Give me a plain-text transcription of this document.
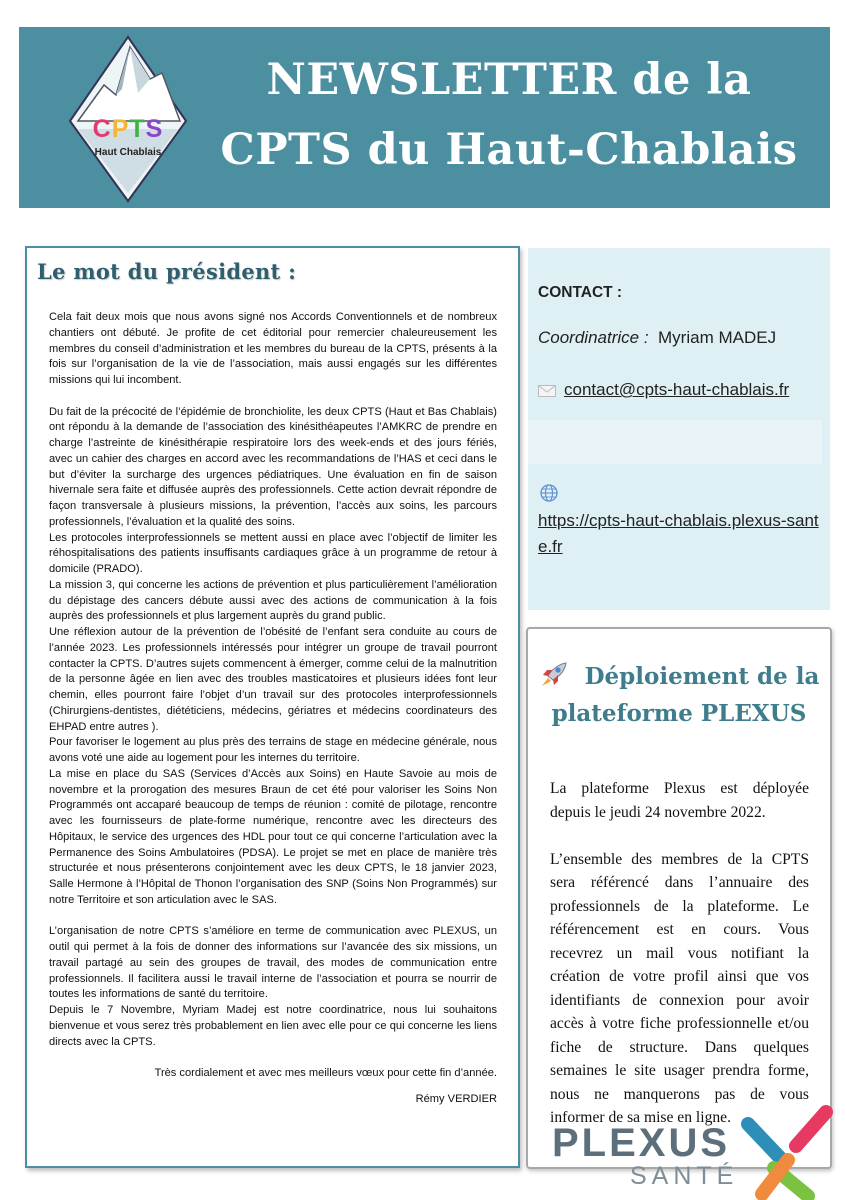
CPTS
Haut Chablais
NEWSLETTER de la
CPTS du Haut-Chablais
Le mot du président :

Cela fait deux mois que nous avons signé nos Accords Conventionnels et de nombreux chantiers ont débuté. Je profite de cet éditorial pour remercier chaleureusement les membres du conseil d’administration et les membres du bureau de la CPTS, présents à la fois sur l’organisation de la vie de l’association, mais aussi engagés sur les différentes missions qui lui incombent.

Du fait de la précocité de l’épidémie de bronchiolite, les deux CPTS (Haut et Bas Chablais) ont répondu à la demande de l’association des kinésithéapeutes l’AMKRC de prendre en charge l’astreinte de kinésithérapie respiratoire lors des week-ends et des jours fériés, avec un cahier des charges en accord avec les recommandations de l’HAS et ceci dans le but d’éviter la surcharge des urgences pédiatriques. Une évaluation en fin de saison hivernale sera faite et diffusée auprès des professionnels. Cette action devrait répondre de façon transversale à plusieurs missions, la prévention, l’accès aux soins, les parcours professionnels, l’évaluation et la qualité des soins.

Les protocoles interprofessionnels se mettent aussi en place avec l’objectif de limiter les réhospitalisations des patients insuffisants cardiaques grâce à un programme de retour à domicile (PRADO).

La mission 3, qui concerne les actions de prévention et plus particulièrement l’amélioration du dépistage des cancers débute aussi avec des actions de communication à la fois auprès des professionnels et plus largement auprès du grand public.

Une réflexion autour de la prévention de l’obésité de l’enfant sera conduite au cours de l’année 2023. Les professionnels intéressés pour intégrer un groupe de travail pourront contacter la CPTS. D’autres sujets commencent à émerger, comme celui de la malnutrition de la personne âgée en lien avec des troubles masticatoires et plusieurs idées font leur chemin, elles pourront faire l’objet d’un travail sur des protocoles interprofessionnels (Chirurgiens-dentistes, diététiciens, médecins, gériatres et médecins coordinateurs des EHPAD entre autres ).

Pour favoriser le logement au plus près des terrains de stage en médecine générale, nous avons voté une aide au logement pour les internes du territoire.

La mise en place du SAS (Services d’Accès aux Soins) en Haute Savoie au mois de novembre et la prorogation des mesures Braun de cet été pour valoriser les Soins Non Programmés ont accaparé beaucoup de temps de réunion : comité de pilotage, rencontre avec les fournisseurs de plate-forme numérique, rencontre avec les directeurs des Hôpitaux, le service des urgences des HDL pour tout ce qui concerne l’articulation avec la Permanence des Soins Ambulatoires (PDSA). Le projet se met en place de manière très structurée et nous présenterons conjointement avec les deux CPTS, le 18 janvier 2023, Salle Hermone à l’Hôpital de Thonon l’organisation des SNP (Soins Non Programmés) sur notre Territoire et son articulation avec le SAS.

L’organisation de notre CPTS s’améliore en terme de communication avec PLEXUS, un outil qui permet à la fois de donner des informations sur l’avancée des six missions, un travail partagé au sein des groupes de travail, des modes de communication entre professionnels. Il facilitera aussi le travail interne de l’association et pourra se nourrir de toutes les informations de santé du territoire.

Depuis le 7 Novembre, Myriam Madej est notre coordinatrice, nous lui souhaitons bienvenue et vous serez très probablement en lien avec elle pour ce qui concerne les liens directs avec la CPTS.

Très cordialement et avec mes meilleurs vœux pour cette fin d’année.

Rémy VERDIER

CONTACT :
Coordinatrice : Myriam MADEJ
contact@cpts-haut-chablais.fr
https://cpts-haut-chablais.plexus-sante.fr
Déploiement de la plateforme PLEXUS

La plateforme Plexus est déployée depuis le jeudi 24 novembre 2022.

L’ensemble des membres de la CPTS sera référencé dans l’annuaire des professionnels de la plateforme. Le référencement est en cours. Vous recevrez un mail vous notifiant la création de votre profil ainsi que vos identifiants de connexion pour avoir accès à votre fiche professionnelle et/ou fiche de structure. Dans quelques semaines le site usager prendra forme, nous ne manquerons pas de vous informer de sa mise en ligne.

PLEXUS
SANTÉ
